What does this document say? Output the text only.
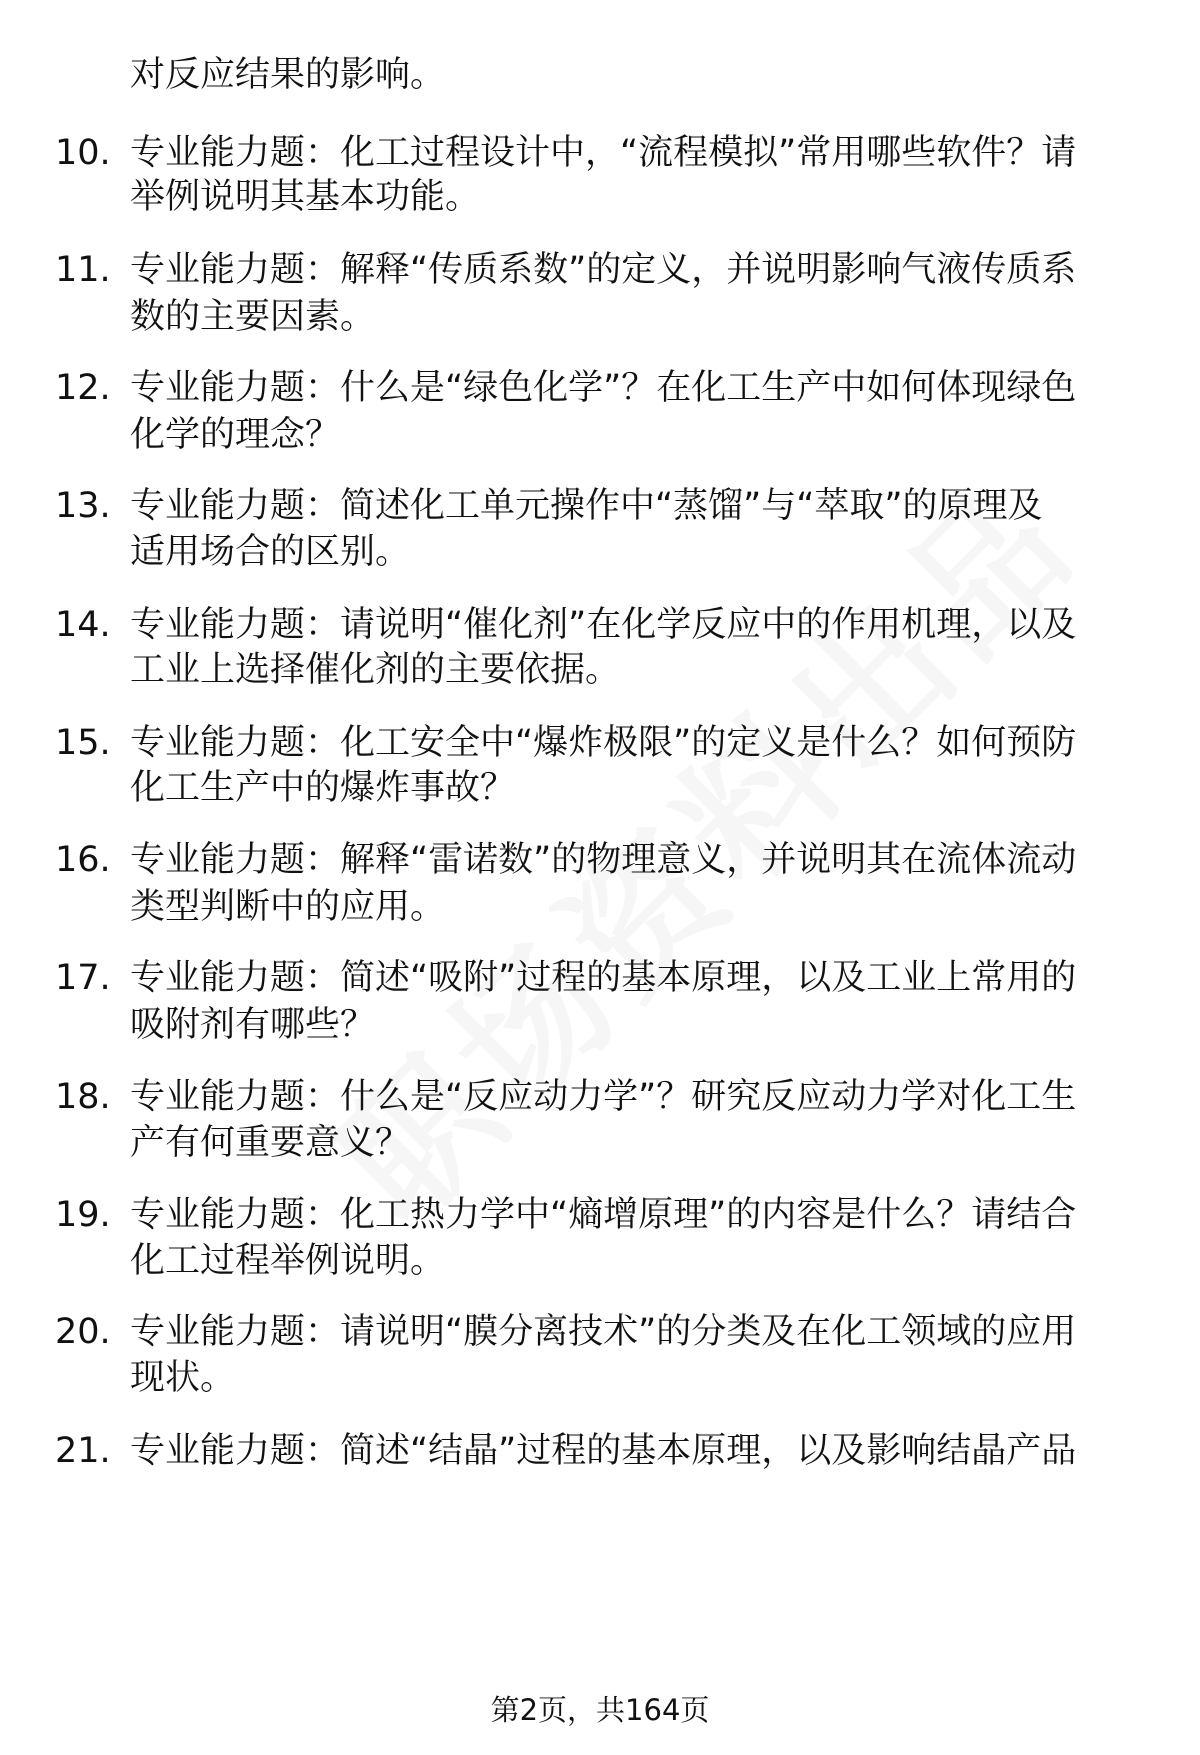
对反应结果的影响。
10. 专业能力题：化工过程设计中，“流程模拟”常用哪些软件？请
举例说明其基本功能。
11. 专业能力题：解释“传质系数”的定义，并说明影响气液传质系
数的主要因素。
12. 专业能力题：什么是“绿色化学”？在化工生产中如何体现绿色
化学的理念？
13. 专业能力题：简述化工单元操作中“蒸馏”与“萃取”的原理及
适用场合的区别。
14. 专业能力题：请说明“催化剂”在化学反应中的作用机理，以及
工业上选择催化剂的主要依据。
15. 专业能力题：化工安全中“爆炸极限”的定义是什么？如何预防
化工生产中的爆炸事故？
16. 专业能力题：解释“雷诺数”的物理意义，并说明其在流体流动
类型判断中的应用。
17. 专业能力题：简述“吸附”过程的基本原理，以及工业上常用的
吸附剂有哪些？
18. 专业能力题：什么是“反应动力学”？研究反应动力学对化工生
产有何重要意义？
19. 专业能力题：化工热力学中“熵增原理”的内容是什么？请结合
化工过程举例说明。
20. 专业能力题：请说明“膜分离技术”的分类及在化工领域的应用
现状。
21. 专业能力题：简述“结晶”过程的基本原理，以及影响结晶产品
第2页，共164页
